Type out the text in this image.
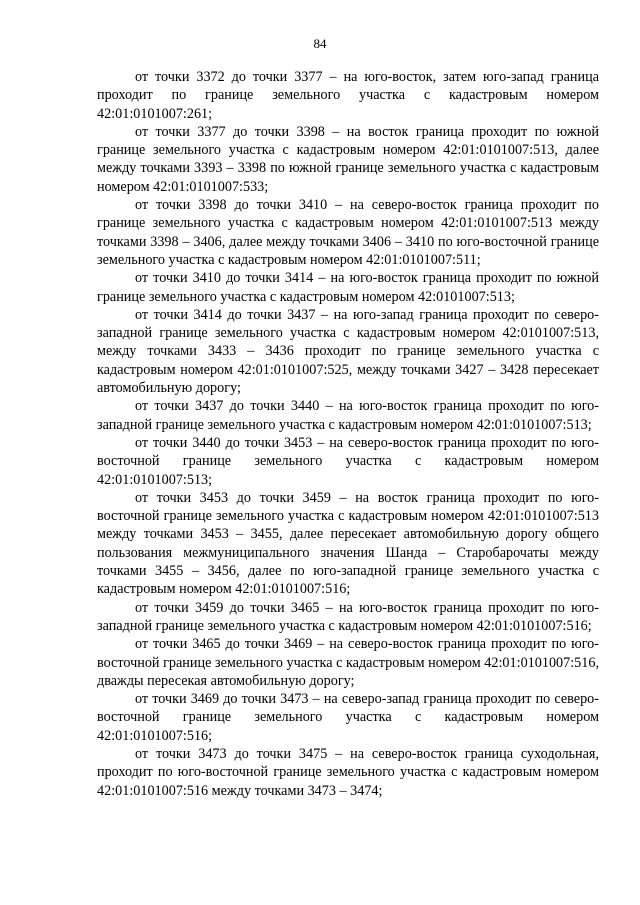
84

от точки 3372 до точки 3377 – на юго-восток, затем юго-запад граница проходит по границе земельного участка с кадастровым номером 42:01:0101007:261;

от точки 3377 до точки 3398 – на восток граница проходит по южной границе земельного участка с кадастровым номером 42:01:0101007:513, далее между точками 3393 – 3398 по южной границе земельного участка с кадастровым номером 42:01:0101007:533;

от точки 3398 до точки 3410 – на северо-восток граница проходит по границе земельного участка с кадастровым номером 42:01:0101007:513 между точками 3398 – 3406, далее между точками 3406 – 3410 по юго-восточной границе земельного участка с кадастровым номером 42:01:0101007:511;

от точки 3410 до точки 3414 – на юго-восток граница проходит по южной границе земельного участка с кадастровым номером 42:0101007:513;

от точки 3414 до точки 3437 – на юго-запад граница проходит по северо-западной границе земельного участка с кадастровым номером 42:0101007:513, между точками 3433 – 3436 проходит по границе земельного участка с кадастровым номером 42:01:0101007:525, между точками 3427 – 3428 пересекает автомобильную дорогу;

от точки 3437 до точки 3440 – на юго-восток граница проходит по юго-западной границе земельного участка с кадастровым номером 42:01:0101007:513;

от точки 3440 до точки 3453 – на северо-восток граница проходит по юго-восточной границе земельного участка с кадастровым номером 42:01:0101007:513;

от точки 3453 до точки 3459 – на восток граница проходит по юго-восточной границе земельного участка с кадастровым номером 42:01:0101007:513 между точками 3453 – 3455, далее пересекает автомобильную дорогу общего пользования межмуниципального значения Шанда – Старобарочаты между точками 3455 – 3456, далее по юго-западной границе земельного участка с кадастровым номером 42:01:0101007:516;

от точки 3459 до точки 3465 – на юго-восток граница проходит по юго-западной границе земельного участка с кадастровым номером 42:01:0101007:516;

от точки 3465 до точки 3469 – на северо-восток граница проходит по юго-восточной границе земельного участка с кадастровым номером 42:01:0101007:516, дважды пересекая автомобильную дорогу;

от точки 3469 до точки 3473 – на северо-запад граница проходит по северо-восточной границе земельного участка с кадастровым номером 42:01:0101007:516;

от точки 3473 до точки 3475 – на северо-восток граница суходольная, проходит по юго-восточной границе земельного участка с кадастровым номером 42:01:0101007:516 между точками 3473 – 3474;
